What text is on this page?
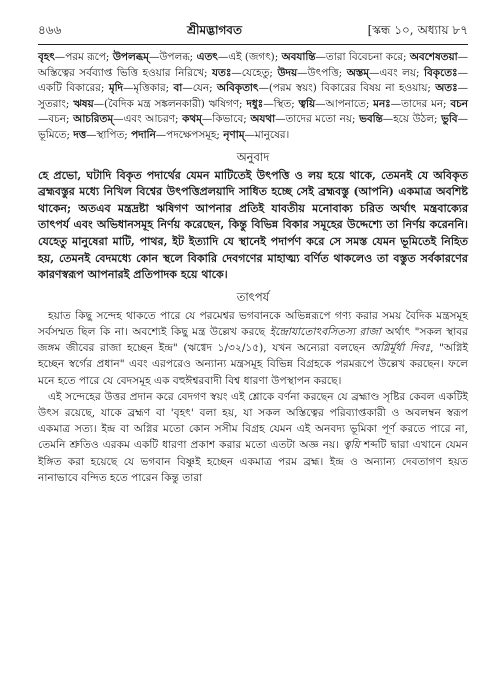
৪৬৬	শ্রীমদ্ভাগবত	[স্কন্ধ ১০, অধ্যায় ৮৭

বৃহৎ—পরম রূপে; উপলব্ধম্—উপলব্ধ; এতৎ—এই (জগৎ); অবযান্তি—তারা বিবেচনা করে; অবশেষতয়া—অস্তিত্বের সর্বব্যাপ্ত ভিত্তি হওয়ার নিরিখে; যতঃ—যেহেতু; উদয়—উৎপত্তি; অস্তম্—এবং লয়; বিকৃতেঃ—একটি বিকারের; মৃদি—মৃত্তিকার; বা—যেন; অবিকৃতাৎ—(পরম স্বয়ং) বিকারের বিষয় না হওয়ায়; অতঃ—সুতরাং; ঋষয়—(বৈদিক মন্ত্র সঙ্কলনকারী) ঋষিগণ; দধুঃ—স্থিত; ত্বয়ি—আপনাতে; মনঃ—তাদের মন; বচন—বচন; আচরিতম্—এবং আচরণ; কথম্—কিভাবে; অযথা—তাদের মতো নয়; ভবন্তি—হয়ে উঠল; ভুবি—ভূমিতে; দত্ত—স্থাপিত; পদানি—পদক্ষেপসমূহ; নৃণাম্—মানুষের।

অনুবাদ

হে প্রভো, ঘটাদি বিকৃত পদার্থের যেমন মাটিতেই উৎপত্তি ও লয় হয়ে থাকে, তেমনই যে অবিকৃত ব্রহ্মবস্তুর মধ্যে নিখিল বিশ্বের উৎপত্তিপ্রলয়াদি সাধিত হচ্ছে সেই ব্রহ্মবস্তু (আপনি) একমাত্র অবশিষ্ট থাকেন; অতএব মন্ত্রদ্রষ্টা ঋষিগণ আপনার প্রতিই যাবতীয় মনোবাক্য চরিত অর্থাৎ মন্ত্রবাক্যের তাৎপর্য এবং অভিধানসমূহ নির্ণয় করেছেন, কিন্তু বিভিন্ন বিকার সমূহের উদ্দেশ্যে তা নির্ণয় করেননি। যেহেতু মানুষেরা মাটি, পাথর, ইট ইত্যাদি যে স্থানেই পদার্পণ করে সে সমস্ত যেমন ভূমিতেই নিহিত হয়, তেমনই বেদমধ্যে কোন স্থলে বিকারি দেবগণের মাহাত্ম্য বর্ণিত থাকলেও তা বস্তুত সর্বকারণের কারণস্বরূপ আপনারই প্রতিপাদক হয়ে থাকে।

তাৎপর্য

হয়াত কিছু সন্দেহ থাকতে পারে যে পরমেশ্বর ভগবানকে অভিন্নরূপে গণ্য করার সময় বৈদিক মন্ত্রসমূহ সর্বসম্মত ছিল কি না। অবশ্যেই কিছু মন্ত্র উল্লেখ করছে ইন্দ্রোযাতোঽবসিতস্য রাজা অর্থাৎ "সকল স্থাবর জঙ্গম জীবের রাজা হচ্ছেন ইন্দ্র" (ঋগ্বেদ ১/৩২/১৫), যখন অন্যেরা বলছেন অগ্নির্মূর্ধা দিবঃ, "অগ্নিই হচ্ছেন স্বর্গের প্রধান" এবং এরপরেও অন্যান্য মন্ত্রসমূহ বিভিন্ন বিগ্রহকে পরমরূপে উল্লেখ করছেন। ফলে মনে হতে পারে যে বেদসমূহ এক বহুঈশ্বরবাদী বিশ্ব ধারণা উপস্থাপন করছে।

এই সন্দেহের উত্তর প্রদান করে বেদগণ স্বয়ং এই শ্লোকে বর্ণনা করছেন যে ব্রহ্মাণ্ড সৃষ্টির কেবল একটিই উৎস রয়েছে, যাকে ব্রহ্মণ বা 'বৃহৎ' বলা হয়, যা সকল অস্তিত্বের পরিব্যাপ্তকারী ও অবলম্বন স্বরূপ একমাত্র সত্য। ইন্দ্র বা অগ্নির মতো কোন সসীম বিগ্রহ যেমন এই অনবদ্য ভূমিকা পূর্ণ করতে পারে না, তেমনি শ্রুতিও এরকম একটি ধারণা প্রকাশ করার মতো এতটা অজ্ঞ নয়। ত্বয়ি শব্দটি দ্বারা এখানে যেমন ইঙ্গিত করা হয়েছে যে ভগবান বিষ্ণুই হচ্ছেন একমাত্র পরম ব্রহ্ম। ইন্দ্র ও অন্যান্য দেবতাগণ হয়ত নানাভাবে বন্দিত হতে পারেন কিন্তু তারা
